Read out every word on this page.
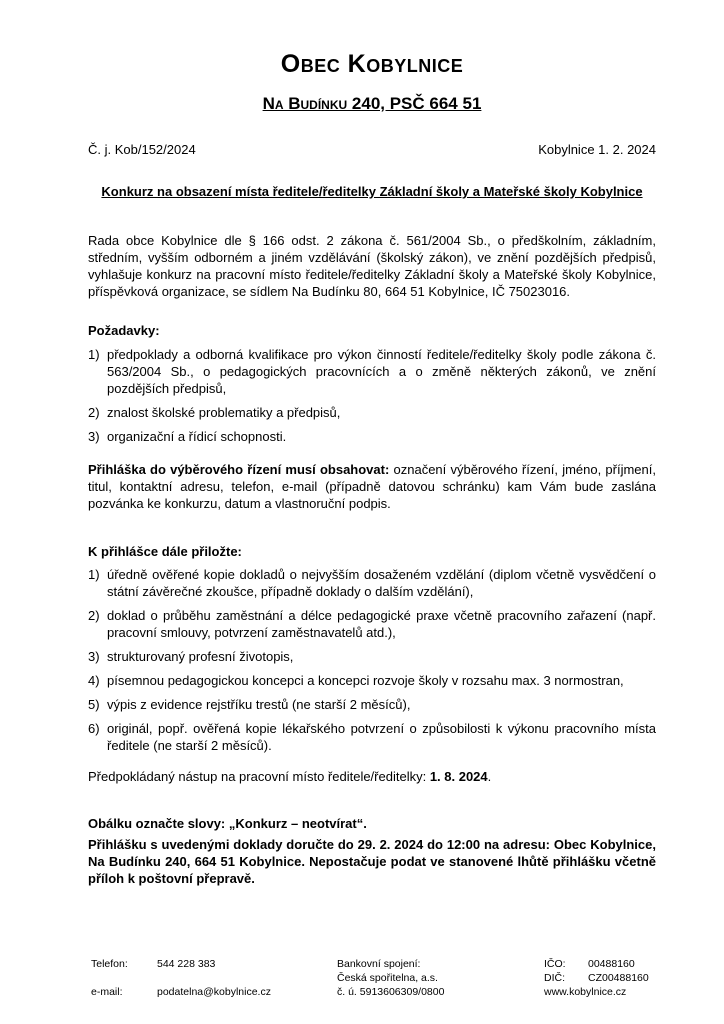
Obec Kobylnice
Na Budínku 240, PSČ 664 51
Č. j. Kob/152/2024	Kobylnice 1. 2. 2024
Konkurz na obsazení místa ředitele/ředitelky Základní školy a Mateřské školy Kobylnice
Rada obce Kobylnice dle § 166 odst. 2 zákona č. 561/2004 Sb., o předškolním, základním, středním, vyšším odborném a jiném vzdělávání (školský zákon), ve znění pozdějších předpisů, vyhlašuje konkurz na pracovní místo ředitele/ředitelky Základní školy a Mateřské školy Kobylnice, příspěvková organizace, se sídlem Na Budínku 80, 664 51 Kobylnice, IČ 75023016.
Požadavky:
1) předpoklady a odborná kvalifikace pro výkon činností ředitele/ředitelky školy podle zákona č. 563/2004 Sb., o pedagogických pracovnících a o změně některých zákonů, ve znění pozdějších předpisů,
2) znalost školské problematiky a předpisů,
3) organizační a řídicí schopnosti.
Přihláška do výběrového řízení musí obsahovat: označení výběrového řízení, jméno, příjmení, titul, kontaktní adresu, telefon, e-mail (případně datovou schránku) kam Vám bude zaslána pozvánka ke konkurzu, datum a vlastnoruční podpis.
K přihlášce dále přiložte:
1) úředně ověřené kopie dokladů o nejvyšším dosaženém vzdělání (diplom včetně vysvědčení o státní závěrečné zkoušce, případně doklady o dalším vzdělání),
2) doklad o průběhu zaměstnání a délce pedagogické praxe včetně pracovního zařazení (např. pracovní smlouvy, potvrzení zaměstnavatelů atd.),
3) strukturovaný profesní životopis,
4) písemnou pedagogickou koncepci a koncepci rozvoje školy v rozsahu max. 3 normostran,
5) výpis z evidence rejstříku trestů (ne starší 2 měsíců),
6) originál, popř. ověřená kopie lékařského potvrzení o způsobilosti k výkonu pracovního místa ředitele (ne starší 2 měsíců).
Předpokládaný nástup na pracovní místo ředitele/ředitelky: 1. 8. 2024.
Obálku označte slovy: „Konkurz – neotvírat“.
Přihlášku s uvedenými doklady doručte do 29. 2. 2024 do 12:00 na adresu: Obec Kobylnice, Na Budínku 240, 664 51 Kobylnice. Nepostačuje podat ve stanovené lhůtě přihlášku včetně příloh k poštovní přepravě.
Telefon:	544 228 383
e-mail:	podatelna@kobylnice.cz
Bankovní spojení:
Česká spořitelna, a.s.
č. ú. 5913606309/0800
IČO: 00488160
DIČ: CZ00488160
www.kobylnice.cz
